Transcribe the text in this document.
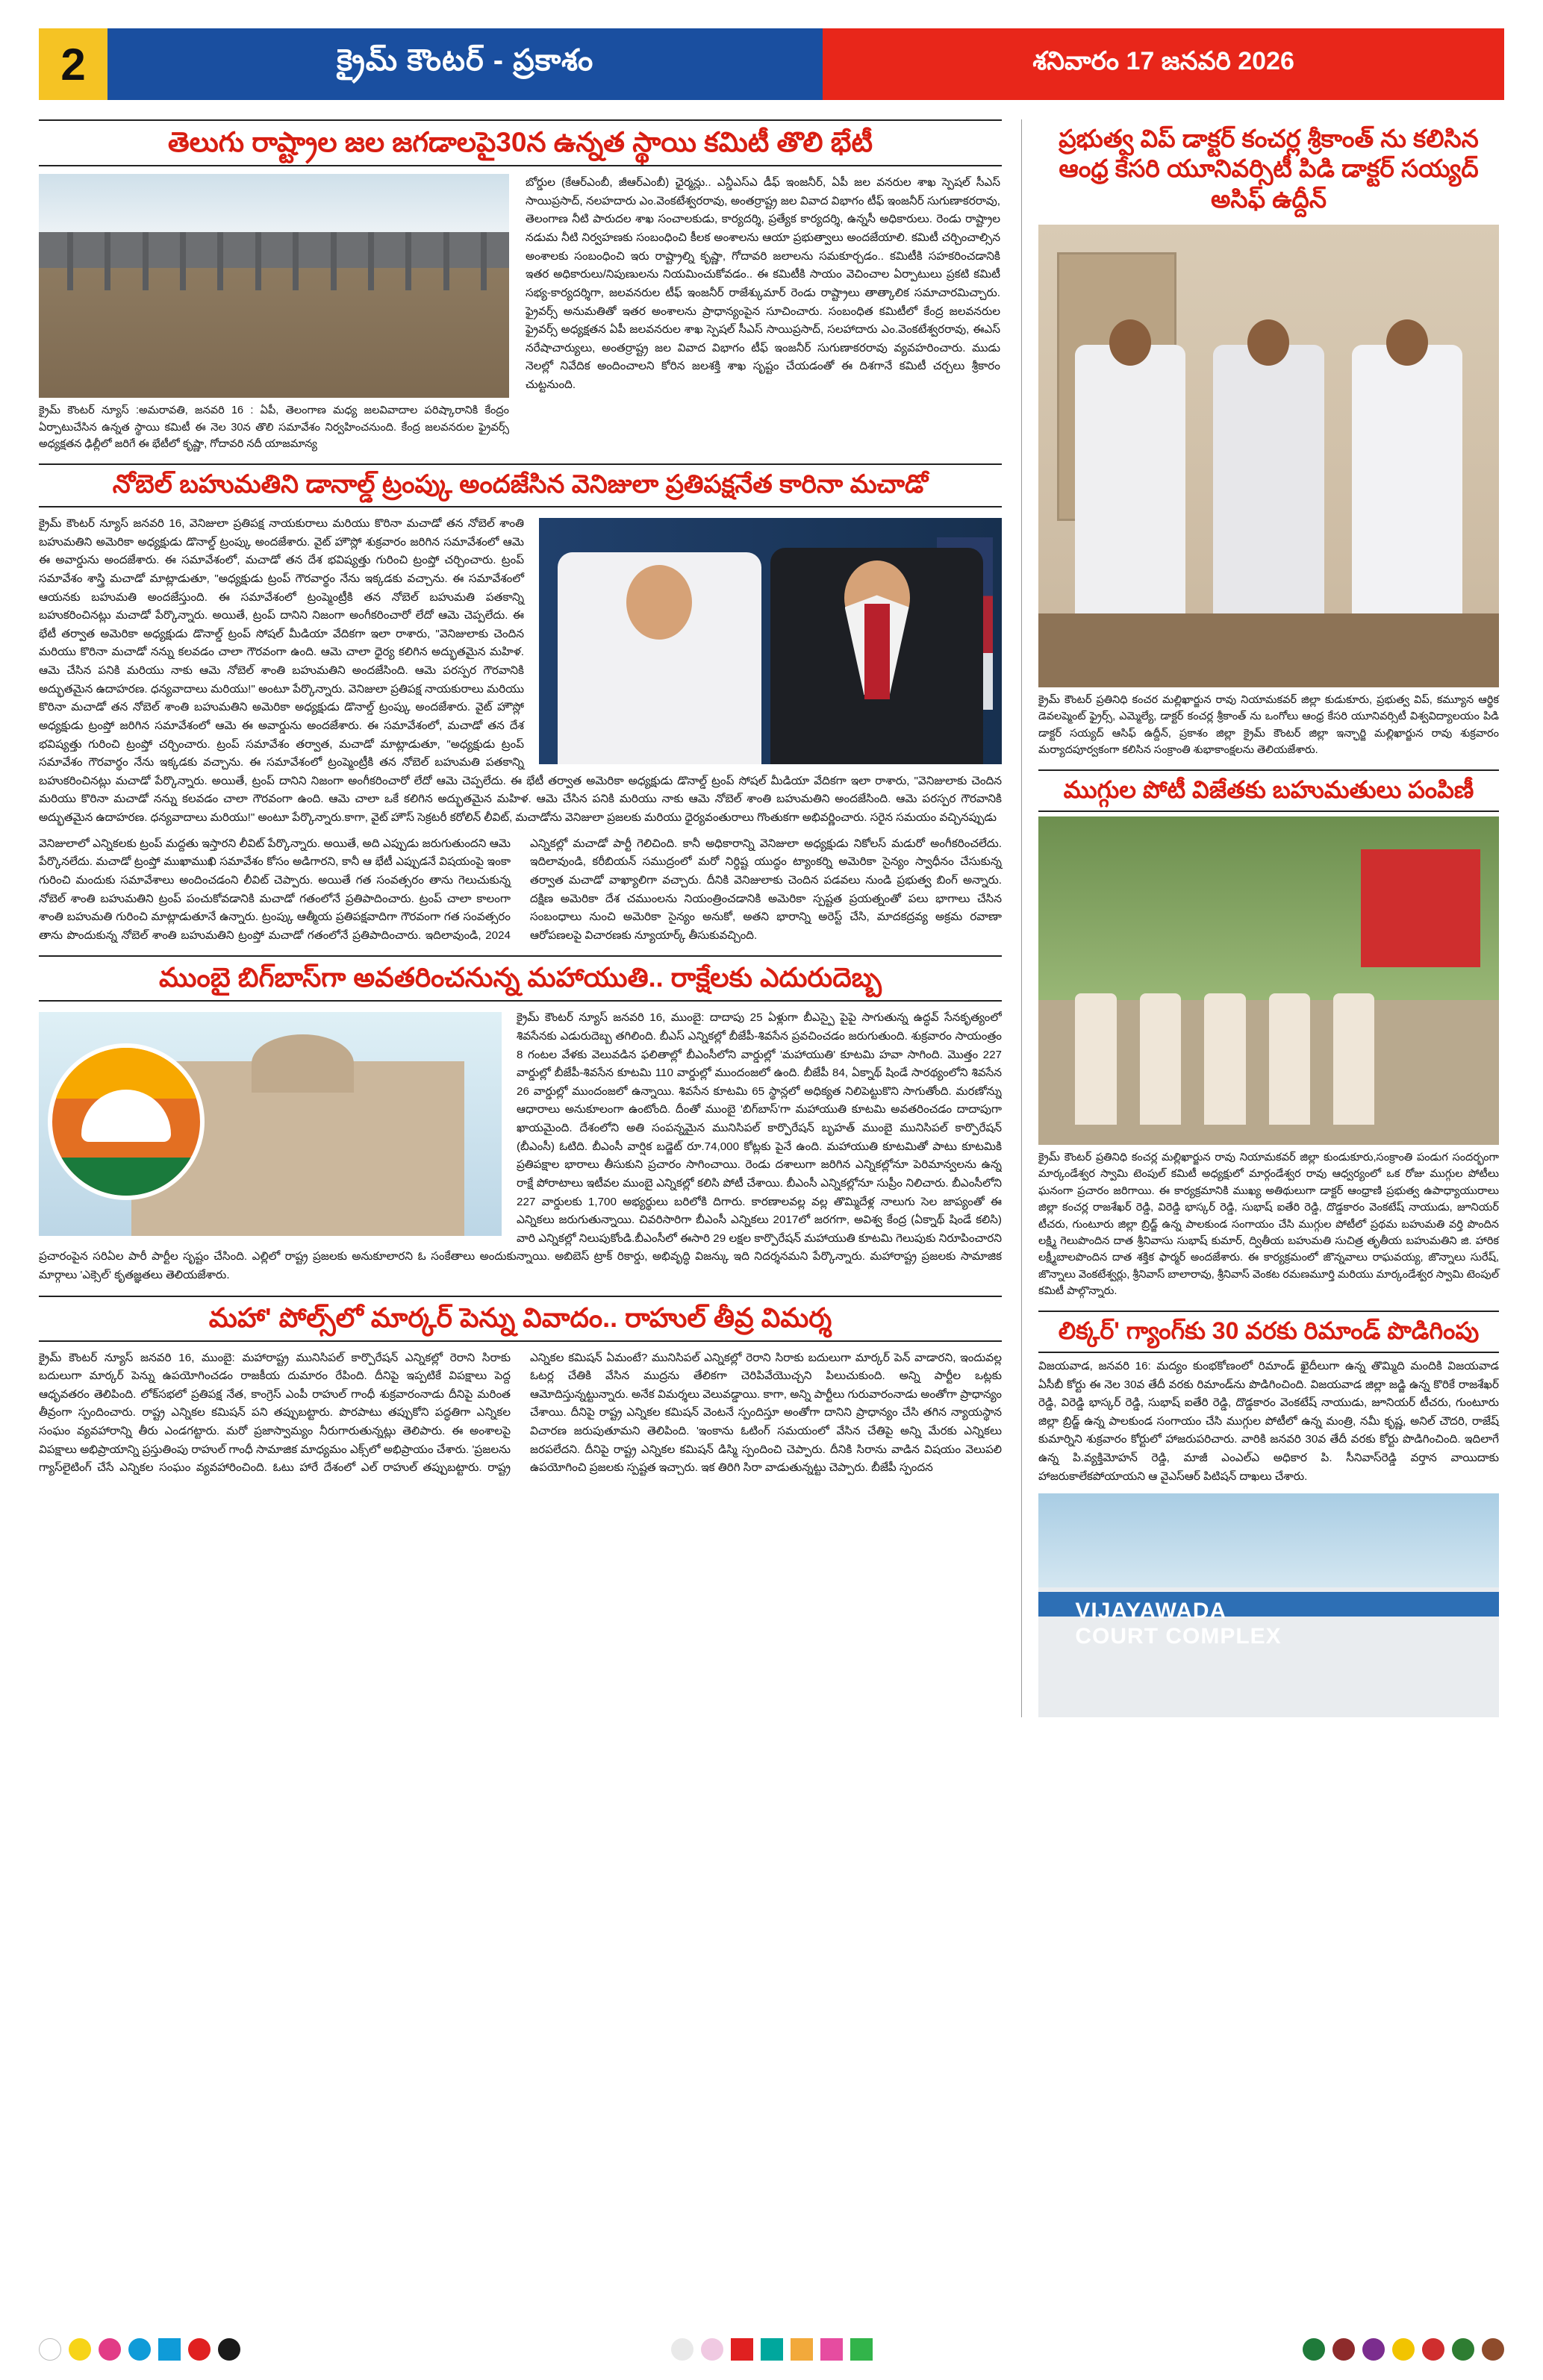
2	క్రైమ్ కౌంటర్ - ప్రకాశం	శనివారం 17 జనవరి 2026
తెలుగు రాష్ట్రాల జల జగడాలపై30న ఉన్నత స్థాయి కమిటీ తొలి భేటీ
క్రైమ్ కౌంటర్ న్యూస్ :అమరావతి, జనవరి 16 : ఏపీ, తెలంగాణ మధ్య జలవివాదాల పరిష్కారానికి కేంద్రం ఏర్పాటుచేసిన ఉన్నత స్థాయి కమిటీ ఈ నెల 30న తొలి సమావేశం నిర్వహించనుంది. కేంద్ర జలవనరుల ఫ్రైవర్స్ అధ్యక్షతన ఢిల్లీలో జరిగే ఈ భేటీలో కృష్ణా, గోదావరి నదీ యాజమాన్య
బోర్డుల (కేఆర్ఎంబీ, జీఆర్ఎంబీ) ఛైర్మన్లు.. ఎన్డీఎస్ఎ డీఫ్ ఇంజనీర్, ఏపీ జల వనరుల శాఖ స్పెషల్ సీఎస్ సాయిప్రసాద్, నలహదారు ఎం.వెంకటేశ్వరరావు, అంతర్రాష్ట్ర జల వివాద విభాగం టీఫ్ ఇంజనీర్ సుగుణాకరరావు, తెలంగాణ నీటి పారుదల శాఖ సంచాలకుడు, కార్యదర్శి, ప్రత్యేక కార్యదర్శి, ఉన్నసీ అధికారులు. రెండు రాష్ట్రాల నడుమ నీటి నిర్వహణకు సంబంధించి కీలక అంశాలను ఆయా ప్రభుత్వాలు అందజేయాలి. కమిటీ చర్చించాల్సిన అంశాలకు సంబంధించి ఇరు రాష్ట్రాల్ని కృష్ణా, గోదావరి జలాలను సమకూర్చడం.. కమిటీకి సహకరించడానికి ఇతర అధికారులు/నిపుణులను నియమించుకోవడం.. ఈ కమిటీకి సాయం వెచించాల ఏర్పాటులు ప్రకటి కమిటీ సభ్య-కార్యదర్శిగా, జలవనరుల టీఫ్ ఇంజనీర్ రాజేశ్కుమార్ రెండు రాష్ట్రాలు తాత్కాలిక సమాచారమిచ్చారు. ఫ్రైవర్స్ అనుమతితో ఇతర అంశాలను ప్రాధాన్యంపైన సూచించారు. సంబంధిత కమిటీలో కేంద్ర జలవనరుల ఫ్రైవర్స్ అధ్యక్షతన ఏపీ జలవనరుల శాఖ స్పెషల్ సీఎస్ సాయిప్రసాద్, సలహాదారు ఎం.వెంకటేశ్వరరావు, ఈఎస్ నరేషాచార్యులు, అంతర్రాష్ట్ర జల వివాద విభాగం టీఫ్ ఇంజనీర్ సుగుణాకరరావు వ్యవహరించారు. ముడు నెలల్లో నివేదిక అందించాలని కోరిన జలశక్తి శాఖ సృష్టం చేయడంతో ఈ దిశగానే కమిటీ చర్చలు శ్రీకారం చుట్టనుంది.
నోబెల్ బహుమతిని డానాల్డ్ ట్రంప్కు అందజేసిన వెనిజులా ప్రతిపక్షనేత కారినా మచాడో
క్రైమ్ కౌంటర్ న్యూస్ జనవరి 16, వెనిజులా ప్రతిపక్ష నాయకురాలు మరియు కొరినా మచాడో తన నోబెల్ శాంతి బహుమతిని అమెరికా అధ్యక్షుడు డొనాల్డ్ ట్రంప్కు అందజేశారు. వైట్ హౌస్లో శుక్రవారం జరిగిన సమావేశంలో ఆమె ఈ అవార్డును అందజేశారు. ఈ సమావేశంలో, మచాడో తన దేశ భవిష్యత్తు గురించి ట్రంప్తో చర్చించారు. ట్రంప్ సమావేశం శాస్త్రి మచాడో మాట్లాడుతూ, "అధ్యక్షుడు ట్రంప్ గౌరవార్థం నేను ఇక్కడకు వచ్చాను. ఈ సమావేశంలో ఆయనకు బహుమతి అందజేస్తుంది. ఈ సమావేశంలో ట్రంప్మెంట్రీకి తన నోబెల్ బహుమతి పతకాన్ని బహుకరించినట్లు మచాడో పేర్కొన్నారు. అయితే, ట్రంప్ దానిని నిజంగా అంగీకరించారో లేదో ఆమె చెప్పలేదు. ఈ భేటీ తర్వాత అమెరికా అధ్యక్షుడు డొనాల్డ్ ట్రంప్ సోషల్ మీడియా వేదికగా ఇలా రాశారు, "వెనిజులాకు చెందిన మరియు కొరినా మచాడో నన్ను కలవడం చాలా గౌరవంగా ఉంది. ఆమె చాలా ధైర్య కలిగిన అద్భుతమైన మహిళ. ఆమె చేసిన పనికి మరియు నాకు ఆమె నోబెల్ శాంతి బహుమతిని అందజేసింది. ఆమె పరస్పర గౌరవానికి అద్భుతమైన ఉదాహరణ. ధన్యవాదాలు మరియు!" అంటూ పేర్కొన్నారు. వెనిజులా ప్రతిపక్ష నాయకురాలు మరియు కొరినా మచాడో తన నోబెల్ శాంతి బహుమతిని అమెరికా అధ్యక్షుడు డొనాల్డ్ ట్రంప్కు అందజేశారు. వైట్ హౌస్లో అధ్యక్షుడు ట్రంప్తో జరిగిన సమావేశంలో ఆమె ఈ అవార్డును అందజేశారు. ఈ సమావేశంలో, మచాడో తన దేశ భవిష్యత్తు గురించి ట్రంప్తో చర్చించారు. ట్రంప్ సమావేశం తర్వాత, మచాడో మాట్లాడుతూ, "అధ్యక్షుడు ట్రంప్ సమావేశం గౌరవార్థం నేను ఇక్కడకు వచ్చాను. ఈ సమావేశంలో ట్రంప్మెంట్రీకి తన నోబెల్ బహుమతి పతకాన్ని బహుకరించినట్లు మచాడో పేర్కొన్నారు. అయితే, ట్రంప్ దానిని నిజంగా అంగీకరించారో లేదో ఆమె చెప్పలేదు. ఈ భేటీ తర్వాత అమెరికా అధ్యక్షుడు డొనాల్డ్ ట్రంప్ సోషల్ మీడియా వేదికగా ఇలా రాశారు, "వెనిజులాకు చెందిన మరియు కొరినా మచాడో నన్ను కలవడం చాలా గౌరవంగా ఉంది. ఆమె చాలా ఒకే కలిగిన అద్భుతమైన మహిళ. ఆమె చేసిన పనికి మరియు నాకు ఆమె నోబెల్ శాంతి బహుమతిని అందజేసింది. ఆమె పరస్పర గౌరవానికి అద్భుతమైన ఉదాహరణ. ధన్యవాదాలు మరియు!" అంటూ పేర్కొన్నారు.కాగా, వైట్ హౌస్ సెక్రటరీ కరోలిన్ లీవిట్, మచాడోను వెనిజులా ప్రజలకు మరియు ధైర్యవంతురాలు గొంతుకగా అభివర్ణించారు. సరైన సమయం వచ్చినప్పుడు
వెనిజులాలో ఎన్నికలకు ట్రంప్ మద్దతు ఇస్తారని లీవిట్ పేర్కొన్నారు. అయితే, అది ఎప్పుడు జరుగుతుందని ఆమె పేర్కొనలేదు. మచాడో ట్రంప్తో ముఖాముఖి సమావేశం కోసం అడిగారని, కానీ ఆ భేటీ ఎప్పుడనే విషయంపై ఇంకా గురించి మందుకు సమావేశాలు అందించడంని లీవిట్ చెప్పారు. అయితే గత సంవత్సరం తాను గెలుచుకున్న నోబెల్ శాంతి బహుమతిని ట్రంప్ పంచుకోవడానికి మచాడో గతంలోనే ప్రతిపాదించారు. ట్రంప్ చాలా కాలంగా శాంతి బహుమతి గురించి మాట్లాడుతూనే ఉన్నారు. ట్రంప్కు ఆత్మీయ ప్రతిపక్షవాదిగా గౌరవంగా గత సంవత్సరం తాను పొందుకున్న నోబెల్ శాంతి బహుమతిని ట్రంప్తో మచాడో గతంలోనే ప్రతిపాదించారు. ఇదిలావుండి, 2024 ఎన్నికల్లో మచాడో పార్టీ గెలిచింది. కానీ అధికారాన్ని వెనిజులా అధ్యక్షుడు నికోలస్ మడురో అంగీకరించలేదు. ఇదిలావుండి, కరీబియన్ సముద్రంలో మరో నిర్ధిష్ట యుద్ధం ట్యాంకర్ని అమెరికా సైన్యం స్వాధీనం చేసుకున్న తర్వాత మచాడో వాఖ్యాలిగా వచ్చారు. దీనికి వెనిజులాకు చెందిన పడవలు నుండి ప్రభుత్వ బింగ్ అన్నారు. దక్షిణ అమెరికా దేశ చముంలను నియంత్రించడానికి అమెరికా స్పష్టత ప్రయత్నంతో పలు భాగాలు చేసిన సంబంధాలు నుంచి అమెరికా సైన్యం అనుకో, అతని భారాన్ని అరెస్ట్ చేసి, మాదకద్రవ్య అక్రమ రవాణా ఆరోపణలపై విచారణకు న్యూయార్క్ తీసుకువచ్చింది.
ముంబై బిగ్‌బాస్‌గా అవతరించనున్న మహాయుతి.. రాక్షేలకు ఎదురుదెబ్బ
క్రైమ్ కౌంటర్ న్యూస్ జనవరి 16, ముంబై: దాదాపు 25 ఏళ్లుగా బీఎస్పై పైపై సాగుతున్న ఉద్ధవ్ సేనకృత్యంలో శివసేనకు ఎడురుదెబ్బ తగిలింది. బీఎస్ ఎన్నికల్లో బీజేపీ-శివసేన ప్రవచించడం జరుగుతుంది. శుక్రవారం సాయంత్రం 8 గంటల వేళకు వెలువడిన ఫలితాల్లో బీఎంసీలోని వార్డుల్లో 'మహాయుతి' కూటమి హవా సాగింది. మొత్తం 227 వార్డుల్లో బీజేపీ-శివసేన కూటమి 110 వార్డుల్లో ముందంజలో ఉంది. బీజేపీ 84, ఏక్నాథ్ షిండే సారథ్యంలోని శివసేన 26 వార్డుల్లో ముందంజలో ఉన్నాయి. శివసేన కూటమి 65 స్థాన్లలో అధిక్యత నిలిపెట్టుకొని సాగుతోంది. మరణోన్ను ఆధారాలు అనుకూలంగా ఉంటోంది. దీంతో ముంబై 'బిగ్‌బాస్‌'గా మహాయుతి కూటమి అవతరించడం దాదాపుగా ఖాయమైంది. దేశంలోని అతి సంపన్నమైన మునిసిపల్ కార్పొరేషన్ బృహత్ ముంబై మునిసిపల్ కార్పొరేషన్ (బీఎంసీ) ఓటిది. బీఎంసీ వార్షిక బడ్జెట్ రూ.74,000 కోట్లకు పైనే ఉంది. మహాయుతి కూటమితో పాటు కూటమికి ప్రతిపక్షాల భారాలు తీసుకుని ప్రచారం సాగించాయి. రెండు దశాలుగా జరిగిన ఎన్నికల్లోనూ పెరిమాన్వలను ఉన్న రాక్షే పోరాటాలు ఇటీవల ముంబై ఎన్నికల్లో కలిసి పోటీ చేశాయి. బీఎంసీ ఎన్నికల్లోనూ సుప్రీం నిలిచారు. బీఎంసీలోని 227 వార్డులకు 1,700 అభ్యర్థులు బరిలోకి దిగారు. కారణాలవల్ల వల్ల తొమ్మిదేళ్ల నాలుగు సెల జాప్యంతో ఈ ఎన్నికలు జరుగుతున్నాయి. చివరిసారిగా బీఎంసీ ఎన్నికలు 2017లో జరగగా, అవిశ్వ కేంద్ర (ఏక్నాథ్ షిండే కలిసి) వారి ఎన్నికల్లో నిలుపుకోండి.బీఎంసీలో ఈసారి 29 లక్షల కార్పొరేషన్ మహాయుతి కూటమి గెలుపుకు నిరూపించారని ప్రచారంపైన సరిఏల పారీ పార్టీల సృష్టం చేసింది. ఎల్లిలో రాష్ట్ర ప్రజలకు అనుకూలారని ఓ సంకేతాలు అందుకున్నాయి. అబిబెస్ ట్రాక్ రికార్డు, అభివృద్ధి విజన్కు ఇది నిదర్శనమని పేర్కొన్నారు. మహారాష్ట్ర ప్రజలకు సామాజిక మార్గాలు 'ఎక్సెల్' కృతజ్ఞతలు తెలియజేశారు.
మహా' పోల్స్‌లో మార్కర్ పెన్ను వివాదం.. రాహుల్ తీవ్ర విమర్శ
క్రైమ్ కౌంటర్ న్యూస్ జనవరి 16, ముంబై: మహారాష్ట్ర మునిసిపల్ కార్పొరేషన్ ఎన్నికల్లో రెరాని సిరాకు బదులుగా మార్కర్ పెన్ను ఉపయోగించడం రాజకీయ దుమారం రేపింది. దీనిపై ఇప్పటికే విపక్షాలు పెద్ద ఆధృవతరం తెలిపింది. లోక్‌సభలో ప్రతిపక్ష నేత, కాంగ్రెస్ ఎంపీ రాహుల్ గాంధీ శుక్రవారంనాడు దీనిపై మరింత తీవ్రంగా స్పందించారు. రాష్ట్ర ఎన్నికల కమిషన్ పని తప్పుబట్టారు. పొరపాటు తప్పుకోని పద్ధతిగా ఎన్నికల సంఘం వ్యవహారాన్ని తీరు ఎండగట్టారు. మరో ప్రజాస్వామ్యం నీరుగారుతున్నట్లు తెలిపారు. ఈ అంశాలపై విపక్షాలు అభిప్రాయాన్ని ప్రస్తుతింపు రాహుల్ గాంధీ సామాజిక మాధ్యమం ఎక్స్‌లో అభిప్రాయం చేశారు. 'ప్రజలను గ్యాస్‌లైటింగ్ చేసే ఎన్నికల సంఘం వ్యవహారించింది. ఓటు హారే దేశంలో ఎల్ రాహుల్ తప్పుబట్టారు. రాష్ట్ర ఎన్నికల కమిషన్ ఏమంటే? మునిసిపల్ ఎన్నికల్లో రెరాని సిరాకు బదులుగా మార్కర్ పెన్ వాడారని, ఇందువల్ల ఓటర్ల చేతికి వేసిన ముద్రను తేలికగా చెరిపివేయొచ్చని పిలుచుకుంది. అన్ని పార్టీల ఒట్లకు ఆమోదిస్తున్నట్టున్నారు. అనేక విమర్శలు వెలువడ్డాయి. కాగా, అన్ని పార్టీలు గురువారంనాడు అంతోగా ప్రాధాన్యం చేశాయి. దీనిపై రాష్ట్ర ఎన్నికల కమిషన్ వెంటనే స్పందిస్తూ అంతోగా దానిని ప్రాధాన్యం చేసి తగిన న్యాయస్థాన విచారణ జరుపుతూమని తెలిపింది. 'ఇంకాను ఓటింగ్ సమయంలో వేసిన చేతిపై అన్ని మేరకు ఎన్నికలు జరపలేదని. దీనిపై రాష్ట్ర ఎన్నికల కమిషన్ డిస్మి స్పందించి చెప్పారు. దీనికి సిరాను వాడిన విషయం వెలుపలి ఉపయోగించి ప్రజలకు స్పష్టత ఇచ్చారు. ఇక తిరిగి సిరా వాడుతున్నట్టు చెప్పారు. బీజేపీ స్పందన
ప్రభుత్వ విప్ డాక్టర్ కంచర్ల శ్రీకాంత్ ను కలిసిన ఆంధ్ర కేసరి యూనివర్సిటీ పిడి డాక్టర్ సయ్యద్ అసిఫ్ ఉద్దీన్
క్రైమ్ కౌంటర్ ప్రతినిధి కంచర మల్లిఖార్జున రావు నియామకవర్ జిల్లా కుడుకూరు, ప్రభుత్వ విప్, కమ్యూన ఆర్థిక డెవలప్మెంట్ ఫ్రైర్స్, ఎమ్మెల్యే, డాక్టర్ కంచర్ల శ్రీకాంత్ ను ఒంగోలు ఆంధ్ర కేసరి యూనివర్సిటీ విశ్వవిద్యాలయం పిడి డాక్టర్ సయ్యద్ ఆసిఫ్ ఉద్దీన్, ప్రకాశం జిల్లా క్రైమ్ కౌంటర్ జిల్లా ఇన్ఛార్జి మల్లిఖార్జున రావు శుక్రవారం మర్యాదపూర్వకంగా కలిసిన సంక్రాంతి శుభాకాంక్షలను తెలియజేశారు.
ముగ్గుల పోటీ విజేతకు బహుమతులు పంపిణీ
క్రైమ్ కౌంటర్ ప్రతినిధి కంచర్ల మల్లిఖార్జున రావు నియామకవర్ జిల్లా కుండుకూరు,సంక్రాంతి పండుగ సందర్భంగా మార్కండేశ్వర స్వామి టెంపుల్ కమిటీ అధ్యక్షులో మార్గండేశ్వర రావు ఆధ్వర్యంలో ఒక రోజు ముగ్గుల పోటీలు ఘనంగా ప్రచారం జరిగాయి. ఈ కార్యక్రమానికి ముఖ్య అతిథులుగా డాక్టర్ ఆంధ్రాణి ప్రభుత్వ ఉపాధ్యాయురాలు జిల్లా కంచర్ల రాజశేఖర్ రెడ్డి, విరెడ్డి భాస్కర్ రెడ్డి, సుభాష్ ఐతేరి రెడ్డి, దొడ్డకారం వెంకటేష్ నాయుడు, జూనియర్ టీచరు, గుంటూరు జిల్లా బ్రిడ్జ్ ఉన్న పాలకుండ సంగాయం చేసి ముగ్గుల పోటీలో ప్రథమ బహుమతి వర్తి పొందిన లక్ష్మి గెలుపొందిన దాత శ్రీనివాసు సుభాష్ కుమార్, ద్వితీయ బహుమతి సుచిత్ర తృతీయ బహుమతిని జి. హారిక లక్ష్మీబాలపొందిన దాత శక్తిక ఫార్మర్ అందజేశారు. ఈ కార్యక్రమంలో జొన్నవాలు రాఘవయ్య, జొన్నాలు సురేష్, జొన్నాలు వెంకటేశ్వర్లు, శ్రీనివాస్ బాలారావు, శ్రీనివాస్ వెంకట రమణమూర్తి మరియు మార్కండేశ్వర స్వామి టెంపుల్ కమిటీ పాల్గొన్నారు.
లిక్కర్' గ్యాంగ్‌కు 30 వరకు రిమాండ్ పొడిగింపు
విజయవాడ, జనవరి 16: మద్యం కుంభకోణంలో రిమాండ్ ఖైదీలుగా ఉన్న తొమ్మిది మందికి విజయవాడ ఏసీబీ కోర్టు ఈ నెల 30వ తేదీ వరకు రిమాండ్‌ను పొడిగించింది. విజయవాడ జిల్లా జడ్జి ఉన్న కొరికే రాజశేఖర్ రెడ్డి, విరెడ్డి భాస్కర్ రెడ్డి, సుభాష్ ఐతేరి రెడ్డి, దొడ్డకారం వెంకటేష్ నాయుడు, జూనియర్ టీచరు, గుంటూరు జిల్లా బ్రిడ్జ్ ఉన్న పాలకుండ సంగాయం చేసి ముగ్గుల పోటీలో ఉన్న మంత్రి, నమీ కృష్ణ, అనిల్ చౌదరి, రాజేష్ కుమార్నిని శుక్రవారం కోర్టులో హాజరుపరిచారు. వారికి జనవరి 30వ తేదీ వరకు కోర్టు పొడిగించింది. ఇదిలాగే ఉన్న పి.వ్యక్తిమోహన్ రెడ్డి, మాజీ ఎంఎల్ఎ అధికార పి. సీనివాస్‌రెడ్డి వర్తాన వాయిదాకు హాజరుకాలేకపోయాయని ఆ వైఎస్ఆర్ పిటిషన్ దాఖలు చేశారు.
VIJAYAWADA
COURT COMPLEX
